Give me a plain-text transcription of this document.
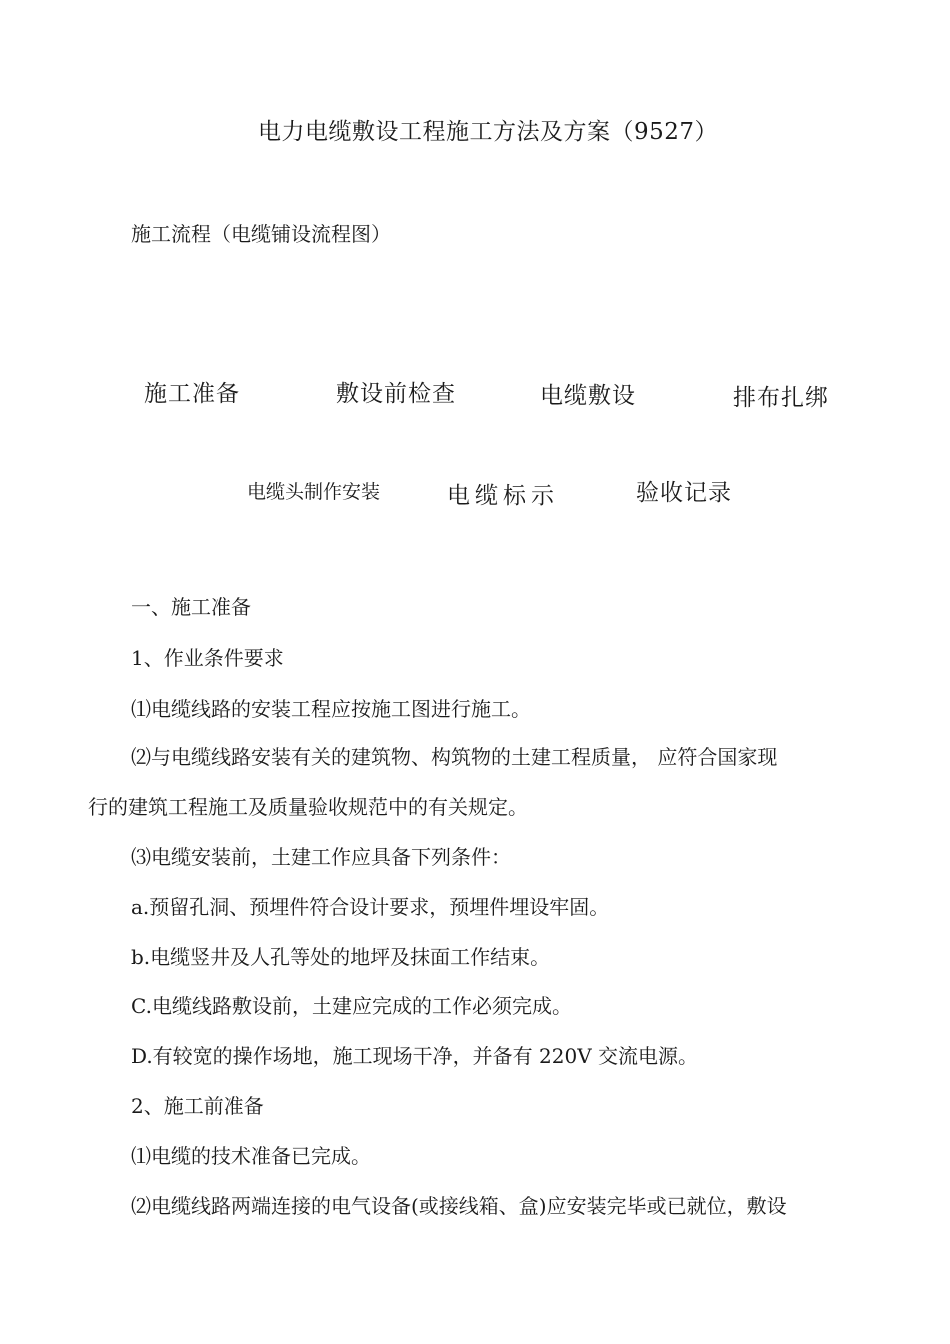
电力电缆敷设工程施工方法及方案（9527）
施工流程（电缆铺设流程图）
施工准备	敷设前检查	电缆敷设	排布扎绑
电缆头制作安装	电缆标示	验收记录
一、施工准备
1、作业条件要求
⑴电缆线路的安装工程应按施工图进行施工。
⑵与电缆线路安装有关的建筑物、构筑物的土建工程质量， 应符合国家现
行的建筑工程施工及质量验收规范中的有关规定。
⑶电缆安装前，土建工作应具备下列条件：
a.预留孔洞、预埋件符合设计要求，预埋件埋设牢固。
b.电缆竖井及人孔等处的地坪及抹面工作结束。
C.电缆线路敷设前，土建应完成的工作必须完成。
D.有较宽的操作场地，施工现场干净，并备有 220V 交流电源。
2、施工前准备
⑴电缆的技术准备已完成。
⑵电缆线路两端连接的电气设备(或接线箱、盒)应安装完毕或已就位，敷设
